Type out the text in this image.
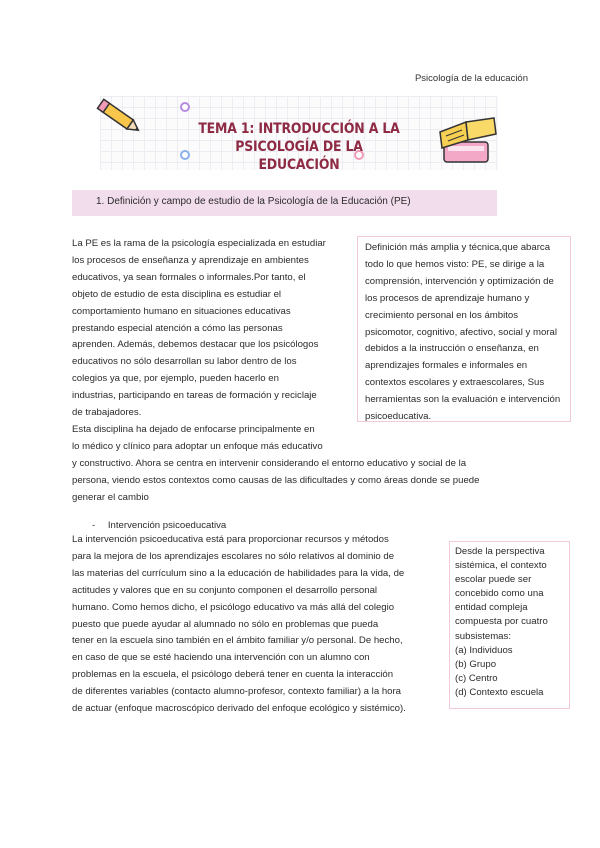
Psicología de la educación
TEMA 1: INTRODUCCIÓN A LA PSICOLOGÍA DE LA
EDUCACIÓN
1. Definición y campo de estudio de la Psicología de la Educación (PE)
La PE es la rama de la psicología especializada en estudiar
los procesos de enseñanza y aprendizaje en ambientes
educativos, ya sean formales o informales.Por tanto, el
objeto de estudio de esta disciplina es estudiar el
comportamiento humano en situaciones educativas
prestando especial atención a cómo las personas
aprenden. Además, debemos destacar que los psicólogos
educativos no sólo desarrollan su labor dentro de los
colegios ya que, por ejemplo, pueden hacerlo en
industrias, participando en tareas de formación y reciclaje
de trabajadores.
Esta disciplina ha dejado de enfocarse principalmente en
lo médico y clínico para adoptar un enfoque más educativo
y constructivo. Ahora se centra en intervenir considerando el entorno educativo y social de la
persona, viendo estos contextos como causas de las dificultades y como áreas donde se puede
generar el cambio
Definición más amplia y técnica,que abarca
todo lo que hemos visto: PE, se dirige a la
comprensión, intervención y optimización de
los procesos de aprendizaje humano y
crecimiento personal en los ámbitos
psicomotor, cognitivo, afectivo, social y moral
debidos a la instrucción o enseñanza, en
aprendizajes formales e informales en
contextos escolares y extraescolares, Sus
herramientas son la evaluación e intervención
psicoeducativa.
- Intervención psicoeducativa
La intervención psicoeducativa está para proporcionar recursos y métodos
para la mejora de los aprendizajes escolares no sólo relativos al dominio de
las materias del currículum sino a la educación de habilidades para la vida, de
actitudes y valores que en su conjunto componen el desarrollo personal
humano. Como hemos dicho, el psicólogo educativo va más allá del colegio
puesto que puede ayudar al alumnado no sólo en problemas que pueda
tener en la escuela sino también en el ámbito familiar y/o personal. De hecho,
en caso de que se esté haciendo una intervención con un alumno con
problemas en la escuela, el psicólogo deberá tener en cuenta la interacción
de diferentes variables (contacto alumno-profesor, contexto familiar) a la hora
de actuar (enfoque macroscópico derivado del enfoque ecológico y sistémico).
Desde la perspectiva
sistémica, el contexto
escolar puede ser
concebido como una
entidad compleja
compuesta por cuatro
subsistemas:
(a) Individuos
(b) Grupo
(c) Centro
(d) Contexto escuela
